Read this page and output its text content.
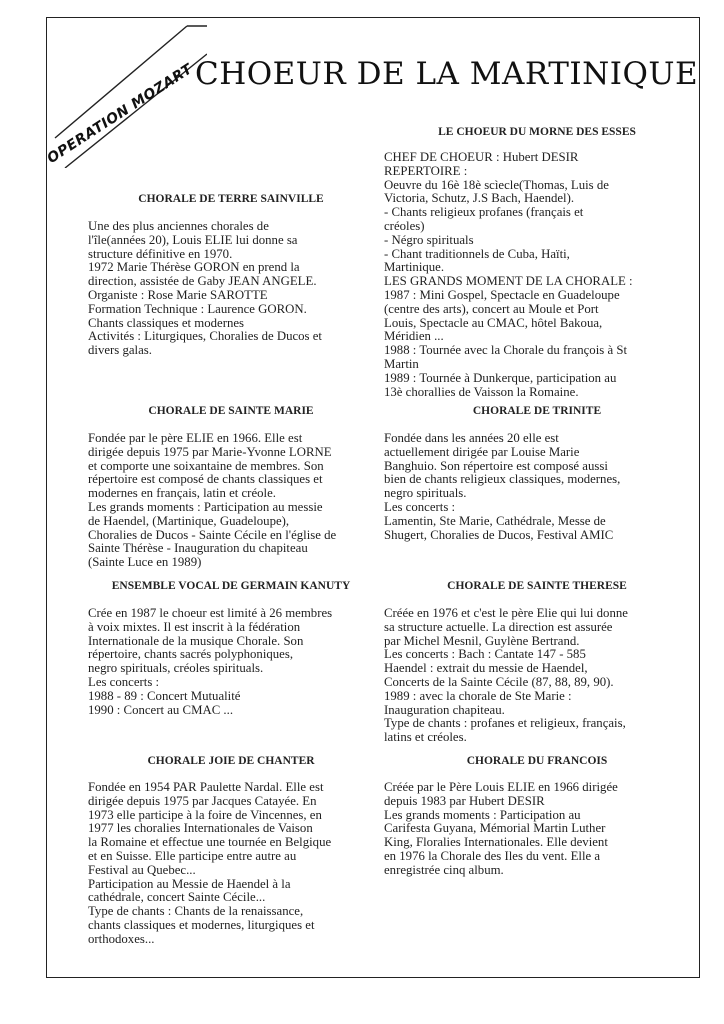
OPERATION MOZART CHOEUR DE LA MARTINIQUE
LE CHOEUR DU MORNE DES ESSES
CHEF DE CHOEUR : Hubert DESIR
REPERTOIRE :
Oeuvre du 16è 18è scìecle(Thomas, Luis de
Victoria, Schutz, J.S Bach, Haendel).
- Chants religieux profanes (français et
créoles)
- Négro spirituals
- Chant traditionnels de Cuba, Haïti,
Martinique.
LES GRANDS MOMENT DE LA CHORALE :
1987 : Mini Gospel, Spectacle en Guadeloupe
(centre des arts), concert au Moule et Port
Louis, Spectacle au CMAC, hôtel Bakoua,
Méridien ...
1988 : Tournée avec la Chorale du françois à St
Martin
1989 : Tournée à Dunkerque, participation au
13è chorallies de Vaisson la Romaine.
CHORALE DE TERRE SAINVILLE
Une des plus anciennes chorales de
l'île(années 20), Louis ELIE lui donne sa
structure définitive en 1970.
1972 Marie Thérèse GORON en prend la
direction, assistée de Gaby JEAN ANGELE.
Organiste : Rose Marie SAROTTE
Formation Technique : Laurence GORON.
Chants classiques et modernes
Activités : Liturgiques, Choralies de Ducos et
divers galas.
CHORALE DE SAINTE MARIE
Fondée par le père ELIE en 1966. Elle est
dirigée depuis 1975 par Marie-Yvonne LORNE
et comporte une soixantaine de membres. Son
répertoire est composé de chants classiques et
modernes en français, latin et créole.
Les grands moments : Participation au messie
de Haendel, (Martinique, Guadeloupe),
Choralies de Ducos - Sainte Cécile en l'église de
Sainte Thérèse - Inauguration du chapiteau
(Sainte Luce en 1989)
CHORALE DE TRINITE
Fondée dans les années 20 elle est
actuellement dirigée par Louise Marie
Banghuio. Son répertoire est composé aussi
bien de chants religieux classiques, modernes,
negro spirituals.
Les concerts :
Lamentin, Ste Marie, Cathédrale, Messe de
Shugert, Choralies de Ducos, Festival AMIC
ENSEMBLE VOCAL DE GERMAIN KANUTY
Crée en 1987 le choeur est limité à 26 membres
à voix mixtes. Il est inscrit à la fédération
Internationale de la musique Chorale. Son
répertoire, chants sacrés polyphoniques,
negro spirituals, créoles spirituals.
Les concerts :
1988 - 89 : Concert Mutualité
1990 : Concert au CMAC ...
CHORALE DE SAINTE THERESE
Créée en 1976 et c'est le père Elie qui lui donne
sa structure actuelle. La direction est assurée
par Michel Mesnil, Guylène Bertrand.
Les concerts : Bach : Cantate 147 - 585
Haendel : extrait du messie de Haendel,
Concerts de la Sainte Cécile (87, 88, 89, 90).
1989 : avec la chorale de Ste Marie :
Inauguration chapiteau.
Type de chants : profanes et religieux, français,
latins et créoles.
CHORALE JOIE DE CHANTER
Fondée en 1954 PAR Paulette Nardal. Elle est
dirigée depuis 1975 par Jacques Catayée. En
1973 elle participe à la foire de Vincennes, en
1977 les choralies Internationales de Vaison
la Romaine et effectue une tournée en Belgique
et en Suisse. Elle participe entre autre au
Festival au Quebec...
Participation au Messie de Haendel à la
cathédrale, concert Sainte Cécile...
Type de chants : Chants de la renaissance,
chants classiques et modernes, liturgiques et
orthodoxes...
CHORALE DU FRANCOIS
Créée par le Père Louis ELIE en 1966 dirigée
depuis 1983 par Hubert DESIR
Les grands moments : Participation au
Carifesta Guyana, Mémorial Martin Luther
King, Floralies Internationales. Elle devient
en 1976 la Chorale des Iles du vent. Elle a
enregistrée cinq album.
